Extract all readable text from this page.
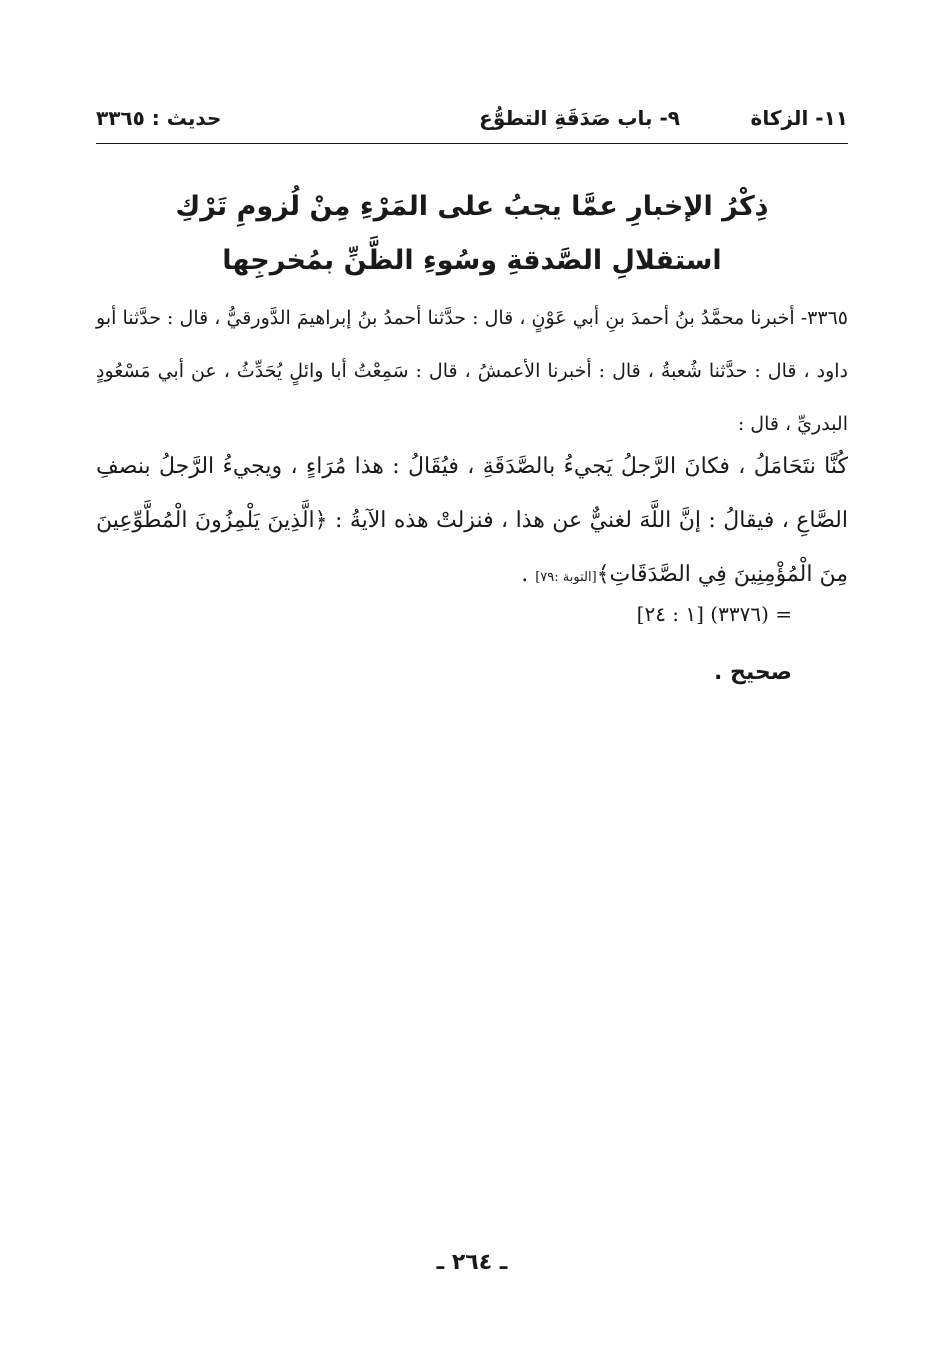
١١- الزكاة
٩- باب صَدَقَةِ التطوُّع
حديث : ٣٣٦٥
ذِكْرُ الإخبارِ عمَّا يجبُ على المَرْءِ مِنْ لُزومِ تَرْكِ استقلالِ الصَّدقةِ وسُوءِ الظَّنِّ بمُخرجِها
٣٣٦٥- أخبرنا محمَّدُ بنُ أحمدَ بنِ أبي عَوْنٍ ، قال : حدَّثنا أحمدُ بنُ إبراهيمَ الدَّورقيُّ ، قال : حدَّثنا أبو داود ، قال : حدَّثنا شُعبةُ ، قال : أخبرنا الأعمشُ ، قال : سَمِعْتُ أبا وائلٍ يُحَدِّثُ ، عن أبي مَسْعُودٍ البدريِّ ، قال :
كُنَّا نتَحَامَلُ ، فكانَ الرَّجلُ يَجيءُ بالصَّدَقَةِ ، فيُقَالُ : هذا مُرَاءٍ ، ويجيءُ الرَّجلُ بنصفِ الصَّاعِ ، فيقالُ : إنَّ اللَّهَ لغنيٌّ عن هذا ، فنزلتْ هذه الآيةُ : ﴿الَّذِينَ يَلْمِزُونَ الْمُطَّوِّعِينَ مِنَ الْمُؤْمِنِينَ فِي الصَّدَقَاتِ﴾[التوبة :٧٩] .
= (٣٣٧٦) [١ : ٢٤]
صحيح .
ـ ٢٦٤ ـ
